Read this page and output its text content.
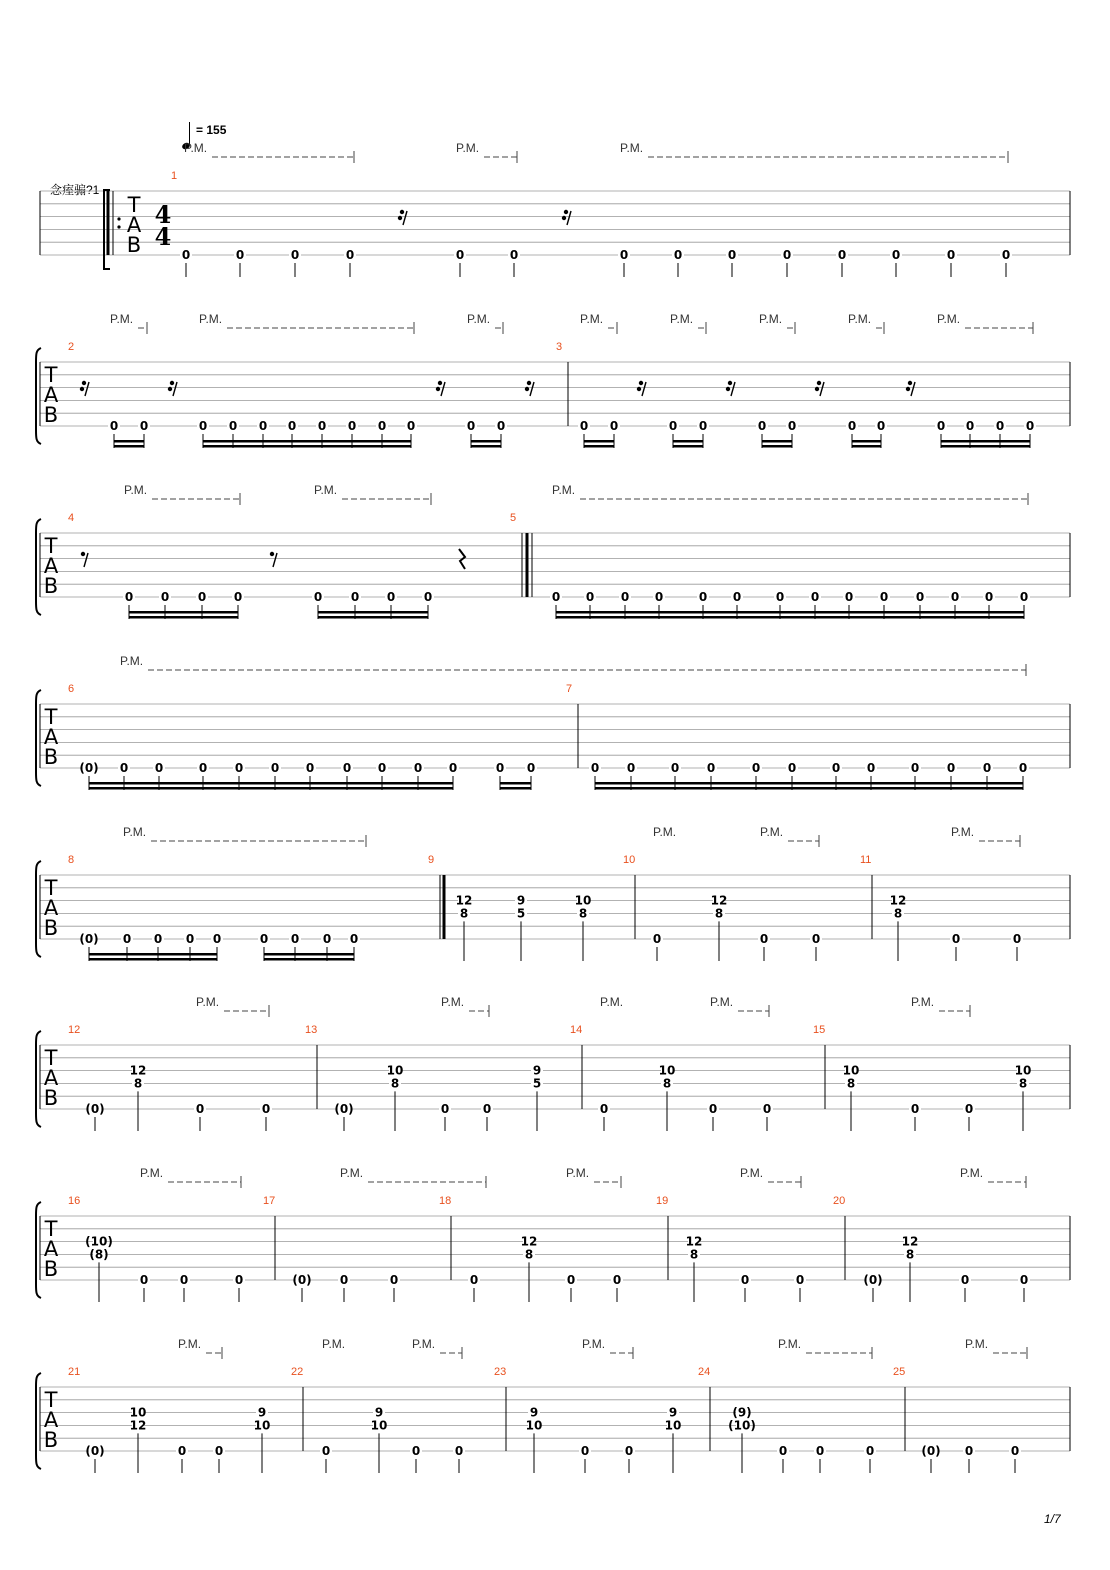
= 155
念痓骟?1
1/7
T
A
B
4
4
P.M.	P.M.	P.M.
1
0	0	0	0	0	0	0	0	0	0	0	0	0	0
T
A
B
P.M.	P.M.	P.M.	P.M.	P.M.	P.M.	P.M.	P.M.
2
0 0	0 0 0 0 0 0 0 0	0 0
3
0 0	0 0	0 0	0 0	0 0 0 0
T
A
B
P.M.	P.M.	P.M.
4
0 0 0 0	0 0 0 0
5
0 0 0 0	0 0	0 0 0 0 0 0 0 0
T
A
B
P.M.
6
(0) 0 0	0 0 0 0 0 0 0 0	0 0
7
0 0	0 0	0 0	0 0	0 0 0 0
T
A
B
P.M.	P.M.	P.M.	P.M.
8
(0) 0 0 0 0	0 0 0 0
9
12
8
9
5
10
8
10
0
12
8
0	0
11
12
8
0	0
T
A
B
P.M.	P.M.	P.M.	P.M.	P.M.
12
(0)
12
8
0	0
13
(0)
10
8
0	0
9
5
14
0
10
8
0	0
15
10
8
0	0
10
8
T
A
B
P.M.	P.M.	P.M.	P.M.	P.M.
16
(10)
(8)
0	0	0
17
(0) 0	0
18
0
12
8
0	0
19
12
8
0	0
20
(0)
12
8
0	0
T
A
B
P.M.	P.M.	P.M.	P.M.	P.M.	P.M.
21
(0)
10
12
0 0
9
10
22
0
9
10
0	0
23
9
10
0	0
9
10
24
(9)
(10)
0 0	0
25
(0) 0	0
